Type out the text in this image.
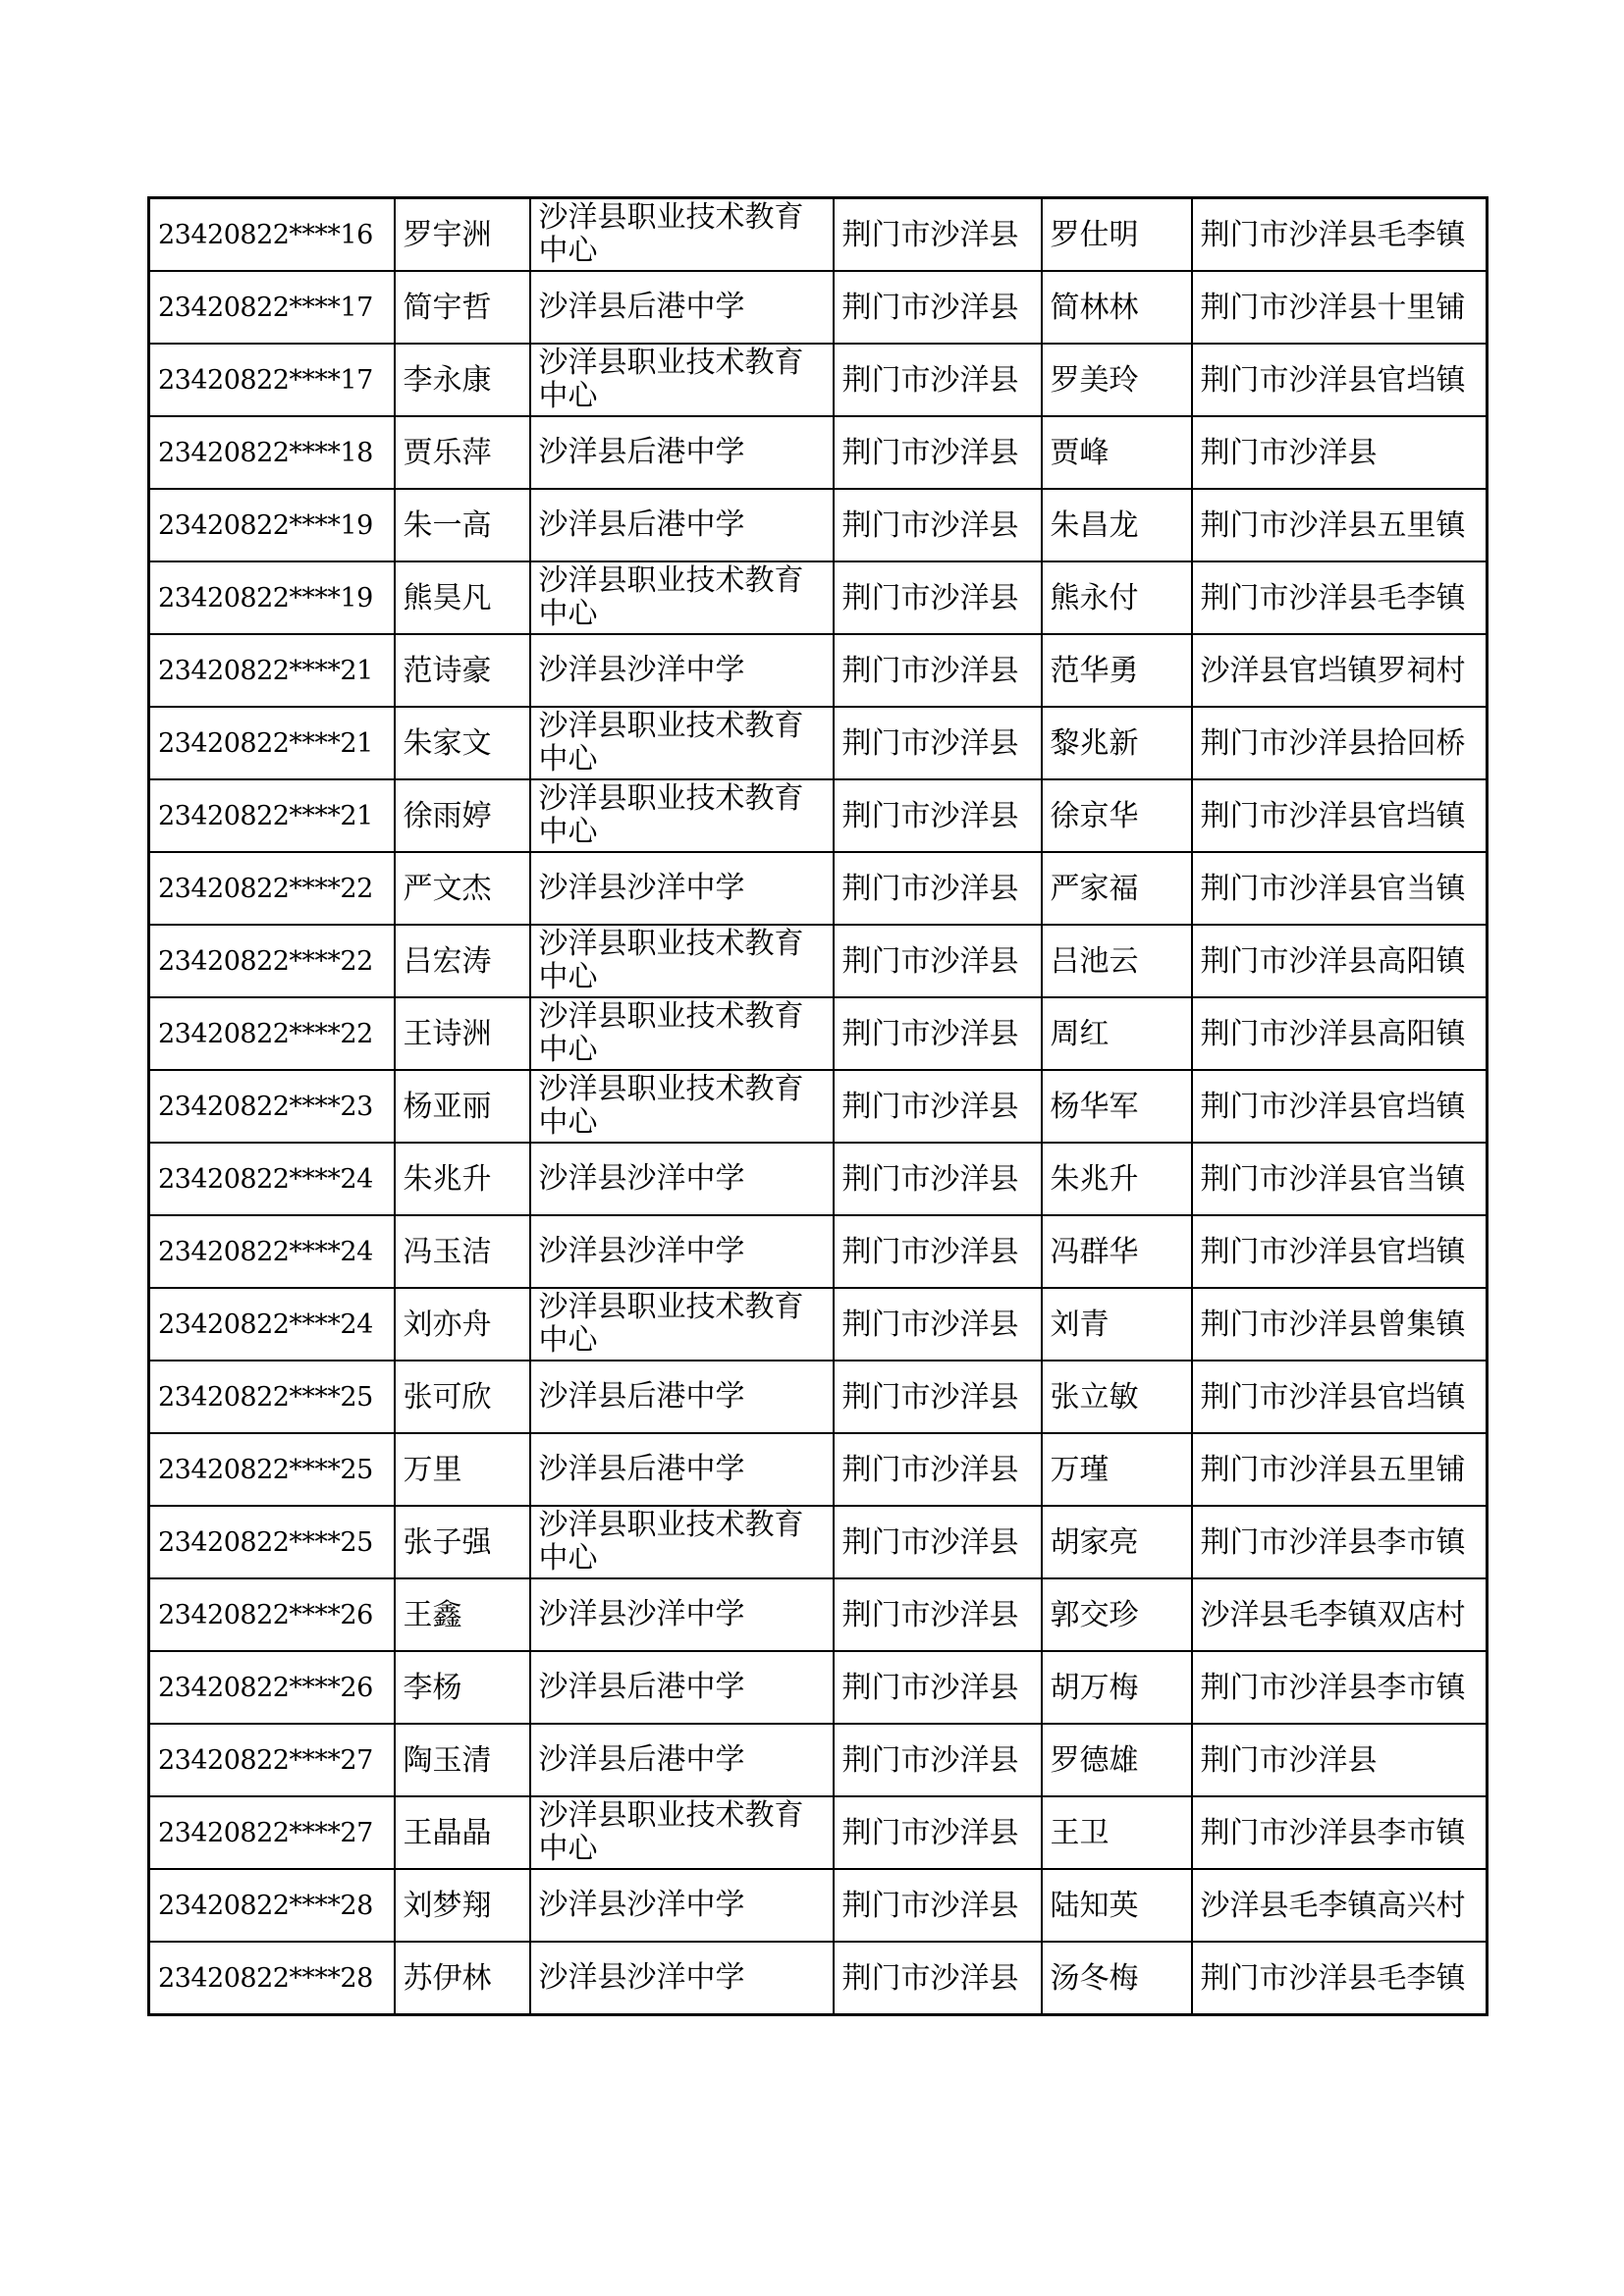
23420822****16	罗宇洲	沙洋县职业技术教育中心	荆门市沙洋县	罗仕明	荆门市沙洋县毛李镇
23420822****17	简宇哲	沙洋县后港中学	荆门市沙洋县	简林林	荆门市沙洋县十里铺
23420822****17	李永康	沙洋县职业技术教育中心	荆门市沙洋县	罗美玲	荆门市沙洋县官垱镇
23420822****18	贾乐萍	沙洋县后港中学	荆门市沙洋县	贾峰	荆门市沙洋县
23420822****19	朱一高	沙洋县后港中学	荆门市沙洋县	朱昌龙	荆门市沙洋县五里镇
23420822****19	熊昊凡	沙洋县职业技术教育中心	荆门市沙洋县	熊永付	荆门市沙洋县毛李镇
23420822****21	范诗豪	沙洋县沙洋中学	荆门市沙洋县	范华勇	沙洋县官垱镇罗祠村
23420822****21	朱家文	沙洋县职业技术教育中心	荆门市沙洋县	黎兆新	荆门市沙洋县拾回桥
23420822****21	徐雨婷	沙洋县职业技术教育中心	荆门市沙洋县	徐京华	荆门市沙洋县官垱镇
23420822****22	严文杰	沙洋县沙洋中学	荆门市沙洋县	严家福	荆门市沙洋县官当镇
23420822****22	吕宏涛	沙洋县职业技术教育中心	荆门市沙洋县	吕池云	荆门市沙洋县高阳镇
23420822****22	王诗洲	沙洋县职业技术教育中心	荆门市沙洋县	周红	荆门市沙洋县高阳镇
23420822****23	杨亚丽	沙洋县职业技术教育中心	荆门市沙洋县	杨华军	荆门市沙洋县官垱镇
23420822****24	朱兆升	沙洋县沙洋中学	荆门市沙洋县	朱兆升	荆门市沙洋县官当镇
23420822****24	冯玉洁	沙洋县沙洋中学	荆门市沙洋县	冯群华	荆门市沙洋县官垱镇
23420822****24	刘亦舟	沙洋县职业技术教育中心	荆门市沙洋县	刘青	荆门市沙洋县曾集镇
23420822****25	张可欣	沙洋县后港中学	荆门市沙洋县	张立敏	荆门市沙洋县官垱镇
23420822****25	万里	沙洋县后港中学	荆门市沙洋县	万瑾	荆门市沙洋县五里铺
23420822****25	张子强	沙洋县职业技术教育中心	荆门市沙洋县	胡家亮	荆门市沙洋县李市镇
23420822****26	王鑫	沙洋县沙洋中学	荆门市沙洋县	郭交珍	沙洋县毛李镇双店村
23420822****26	李杨	沙洋县后港中学	荆门市沙洋县	胡万梅	荆门市沙洋县李市镇
23420822****27	陶玉清	沙洋县后港中学	荆门市沙洋县	罗德雄	荆门市沙洋县
23420822****27	王晶晶	沙洋县职业技术教育中心	荆门市沙洋县	王卫	荆门市沙洋县李市镇
23420822****28	刘梦翔	沙洋县沙洋中学	荆门市沙洋县	陆知英	沙洋县毛李镇高兴村
23420822****28	苏伊林	沙洋县沙洋中学	荆门市沙洋县	汤冬梅	荆门市沙洋县毛李镇
